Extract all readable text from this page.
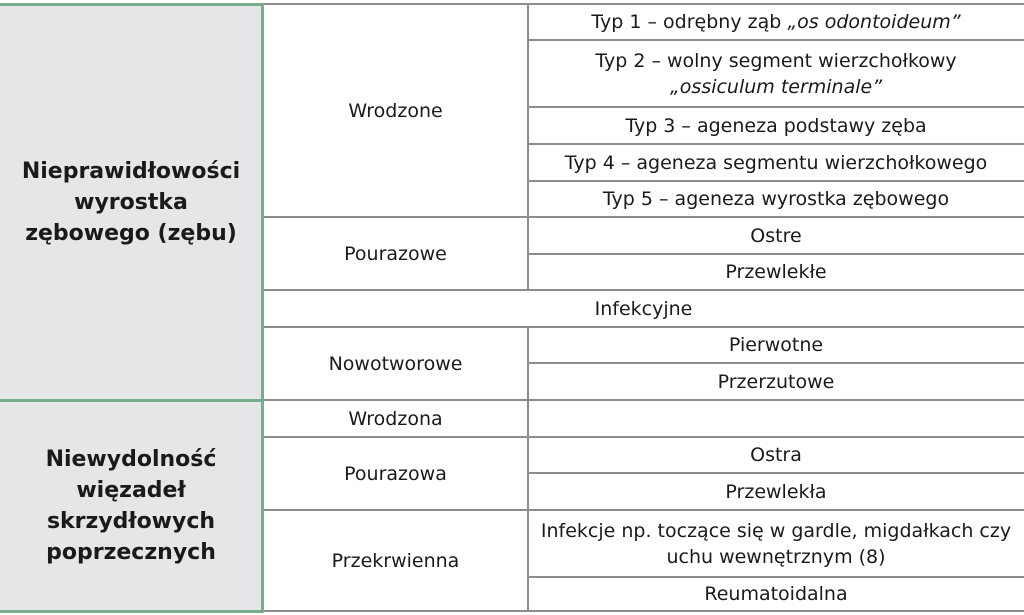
Nieprawidłowości wyrostka zębowego (zębu)
Niewydolność więzadeł skrzydłowych poprzecznych
Wrodzone
Pourazowe
Infekcyjne
Nowotworowe
Typ 1 – odrębny ząb „os odontoideum”
Typ 2 – wolny segment wierzchołkowy
„ossiculum terminale”
Typ 3 – ageneza podstawy zęba
Typ 4 – ageneza segmentu wierzchołkowego
Typ 5 – ageneza wyrostka zębowego
Ostre
Przewlekłe
Pierwotne
Przerzutowe
Wrodzona
Pourazowa
Przekrwienna
Ostra
Przewlekła
Infekcje np. toczące się w gardle, migdałkach czy uchu wewnętrznym (8)
Reumatoidalna
